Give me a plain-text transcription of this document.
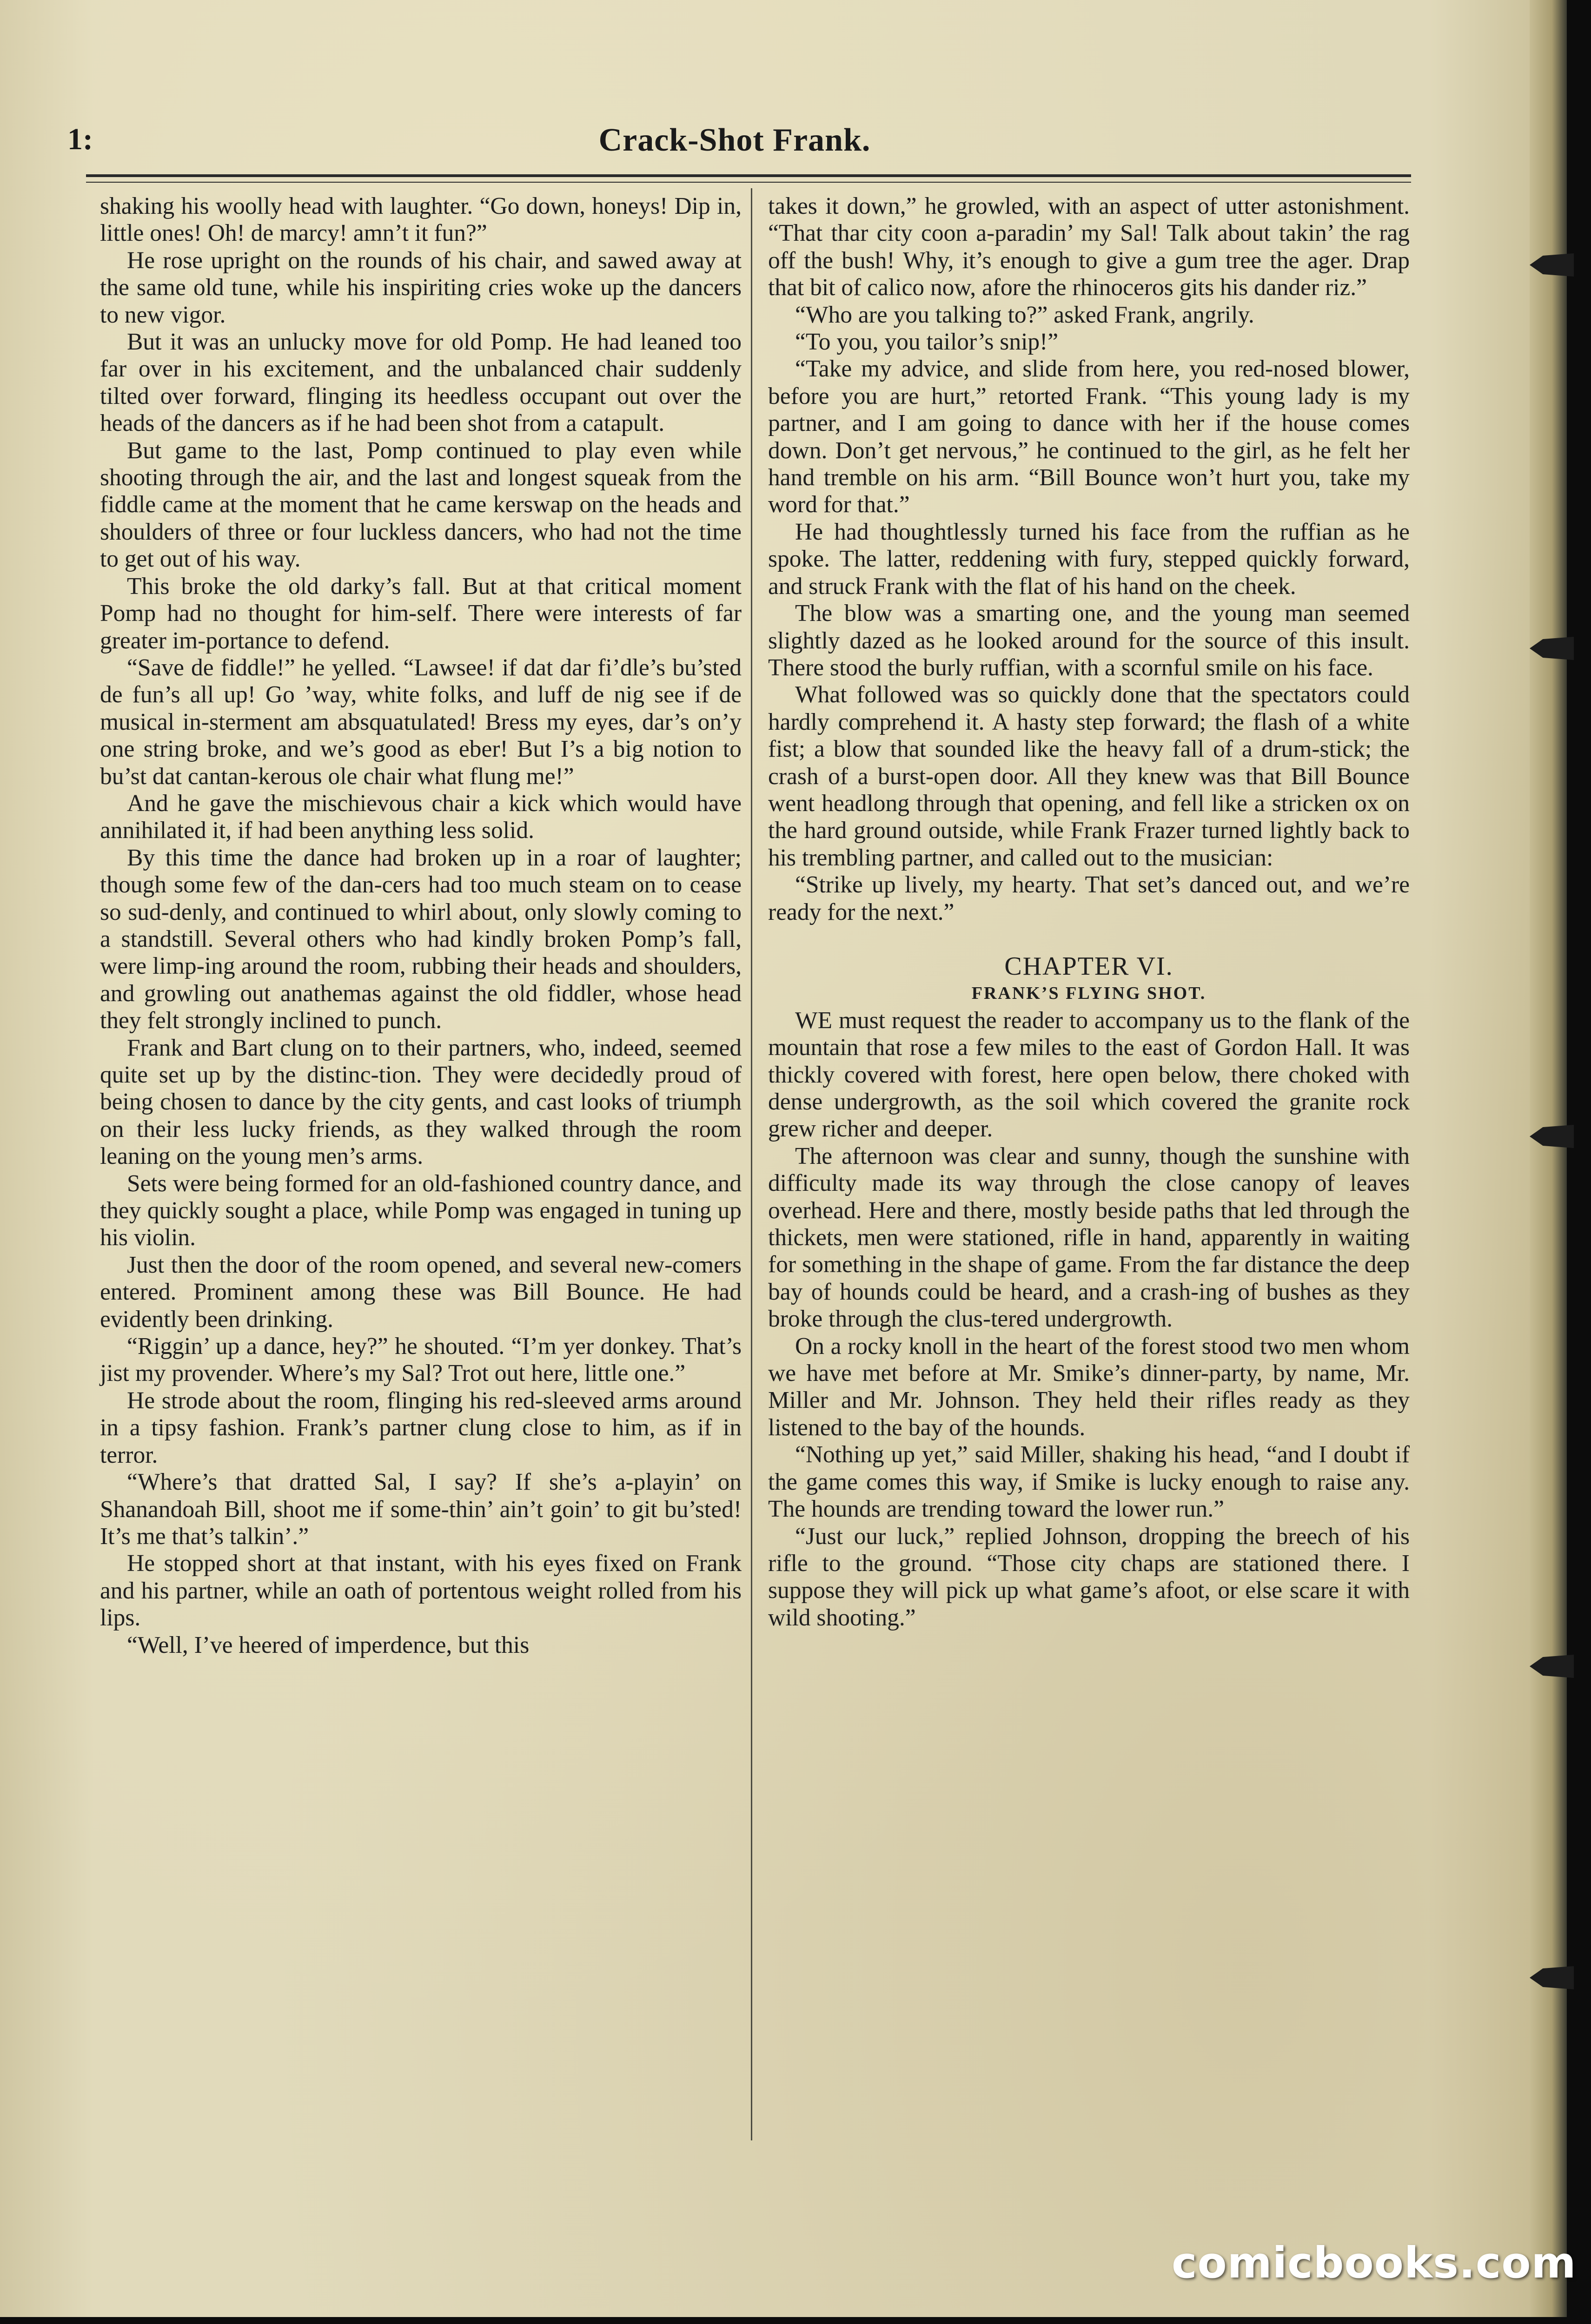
1:	Crack-Shot Frank.

shaking his woolly head with laughter. “Go down, honeys! Dip in, little ones! Oh! de marcy! amn’t it fun?”

He rose upright on the rounds of his chair, and sawed away at the same old tune, while his inspiriting cries woke up the dancers to new vigor.

But it was an unlucky move for old Pomp. He had leaned too far over in his excitement, and the unbalanced chair suddenly tilted over forward, flinging its heedless occupant out over the heads of the dancers as if he had been shot from a catapult.

But game to the last, Pomp continued to play even while shooting through the air, and the last and longest squeak from the fiddle came at the moment that he came kerswap on the heads and shoulders of three or four luckless dancers, who had not the time to get out of his way.

This broke the old darky’s fall. But at that critical moment Pomp had no thought for him-self. There were interests of far greater im-portance to defend.

“Save de fiddle!” he yelled. “Lawsee! if dat dar fi’dle’s bu’sted de fun’s all up! Go ’way, white folks, and luff de nig see if de musical in-sterment am absquatulated! Bress my eyes, dar’s on’y one string broke, and we’s good as eber! But I’s a big notion to bu’st dat cantan-kerous ole chair what flung me!”

And he gave the mischievous chair a kick which would have annihilated it, if had been anything less solid.

By this time the dance had broken up in a roar of laughter; though some few of the dan-cers had too much steam on to cease so sud-denly, and continued to whirl about, only slowly coming to a standstill. Several others who had kindly broken Pomp’s fall, were limp-ing around the room, rubbing their heads and shoulders, and growling out anathemas against the old fiddler, whose head they felt strongly inclined to punch.

Frank and Bart clung on to their partners, who, indeed, seemed quite set up by the distinc-tion. They were decidedly proud of being chosen to dance by the city gents, and cast looks of triumph on their less lucky friends, as they walked through the room leaning on the young men’s arms.

Sets were being formed for an old-fashioned country dance, and they quickly sought a place, while Pomp was engaged in tuning up his violin.

Just then the door of the room opened, and several new-comers entered. Prominent among these was Bill Bounce. He had evidently been drinking.

“Riggin’ up a dance, hey?” he shouted. “I’m yer donkey. That’s jist my provender. Where’s my Sal? Trot out here, little one.”

He strode about the room, flinging his red-sleeved arms around in a tipsy fashion. Frank’s partner clung close to him, as if in terror.

“Where’s that dratted Sal, I say? If she’s a-playin’ on Shanandoah Bill, shoot me if some-thin’ ain’t goin’ to git bu’sted! It’s me that’s talkin’.”

He stopped short at that instant, with his eyes fixed on Frank and his partner, while an oath of portentous weight rolled from his lips.

“Well, I’ve heered of imperdence, but this

takes it down,” he growled, with an aspect of utter astonishment. “That thar city coon a-paradin’ my Sal! Talk about takin’ the rag off the bush! Why, it’s enough to give a gum tree the ager. Drap that bit of calico now, afore the rhinoceros gits his dander riz.”

“Who are you talking to?” asked Frank, angrily.

“To you, you tailor’s snip!”

“Take my advice, and slide from here, you red-nosed blower, before you are hurt,” retorted Frank. “This young lady is my partner, and I am going to dance with her if the house comes down. Don’t get nervous,” he continued to the girl, as he felt her hand tremble on his arm. “Bill Bounce won’t hurt you, take my word for that.”

He had thoughtlessly turned his face from the ruffian as he spoke. The latter, reddening with fury, stepped quickly forward, and struck Frank with the flat of his hand on the cheek.

The blow was a smarting one, and the young man seemed slightly dazed as he looked around for the source of this insult. There stood the burly ruffian, with a scornful smile on his face.

What followed was so quickly done that the spectators could hardly comprehend it. A hasty step forward; the flash of a white fist; a blow that sounded like the heavy fall of a drum-stick; the crash of a burst-open door. All they knew was that Bill Bounce went headlong through that opening, and fell like a stricken ox on the hard ground outside, while Frank Frazer turned lightly back to his trembling partner, and called out to the musician:

“Strike up lively, my hearty. That set’s danced out, and we’re ready for the next.”

CHAPTER VI.

FRANK’S FLYING SHOT.

WE must request the reader to accompany us to the flank of the mountain that rose a few miles to the east of Gordon Hall. It was thickly covered with forest, here open below, there choked with dense undergrowth, as the soil which covered the granite rock grew richer and deeper.

The afternoon was clear and sunny, though the sunshine with difficulty made its way through the close canopy of leaves overhead. Here and there, mostly beside paths that led through the thickets, men were stationed, rifle in hand, apparently in waiting for something in the shape of game. From the far distance the deep bay of hounds could be heard, and a crash-ing of bushes as they broke through the clus-tered undergrowth.

On a rocky knoll in the heart of the forest stood two men whom we have met before at Mr. Smike’s dinner-party, by name, Mr. Miller and Mr. Johnson. They held their rifles ready as they listened to the bay of the hounds.

“Nothing up yet,” said Miller, shaking his head, “and I doubt if the game comes this way, if Smike is lucky enough to raise any. The hounds are trending toward the lower run.”

“Just our luck,” replied Johnson, dropping the breech of his rifle to the ground. “Those city chaps are stationed there. I suppose they will pick up what game’s afoot, or else scare it with wild shooting.”

comicbooks.com
